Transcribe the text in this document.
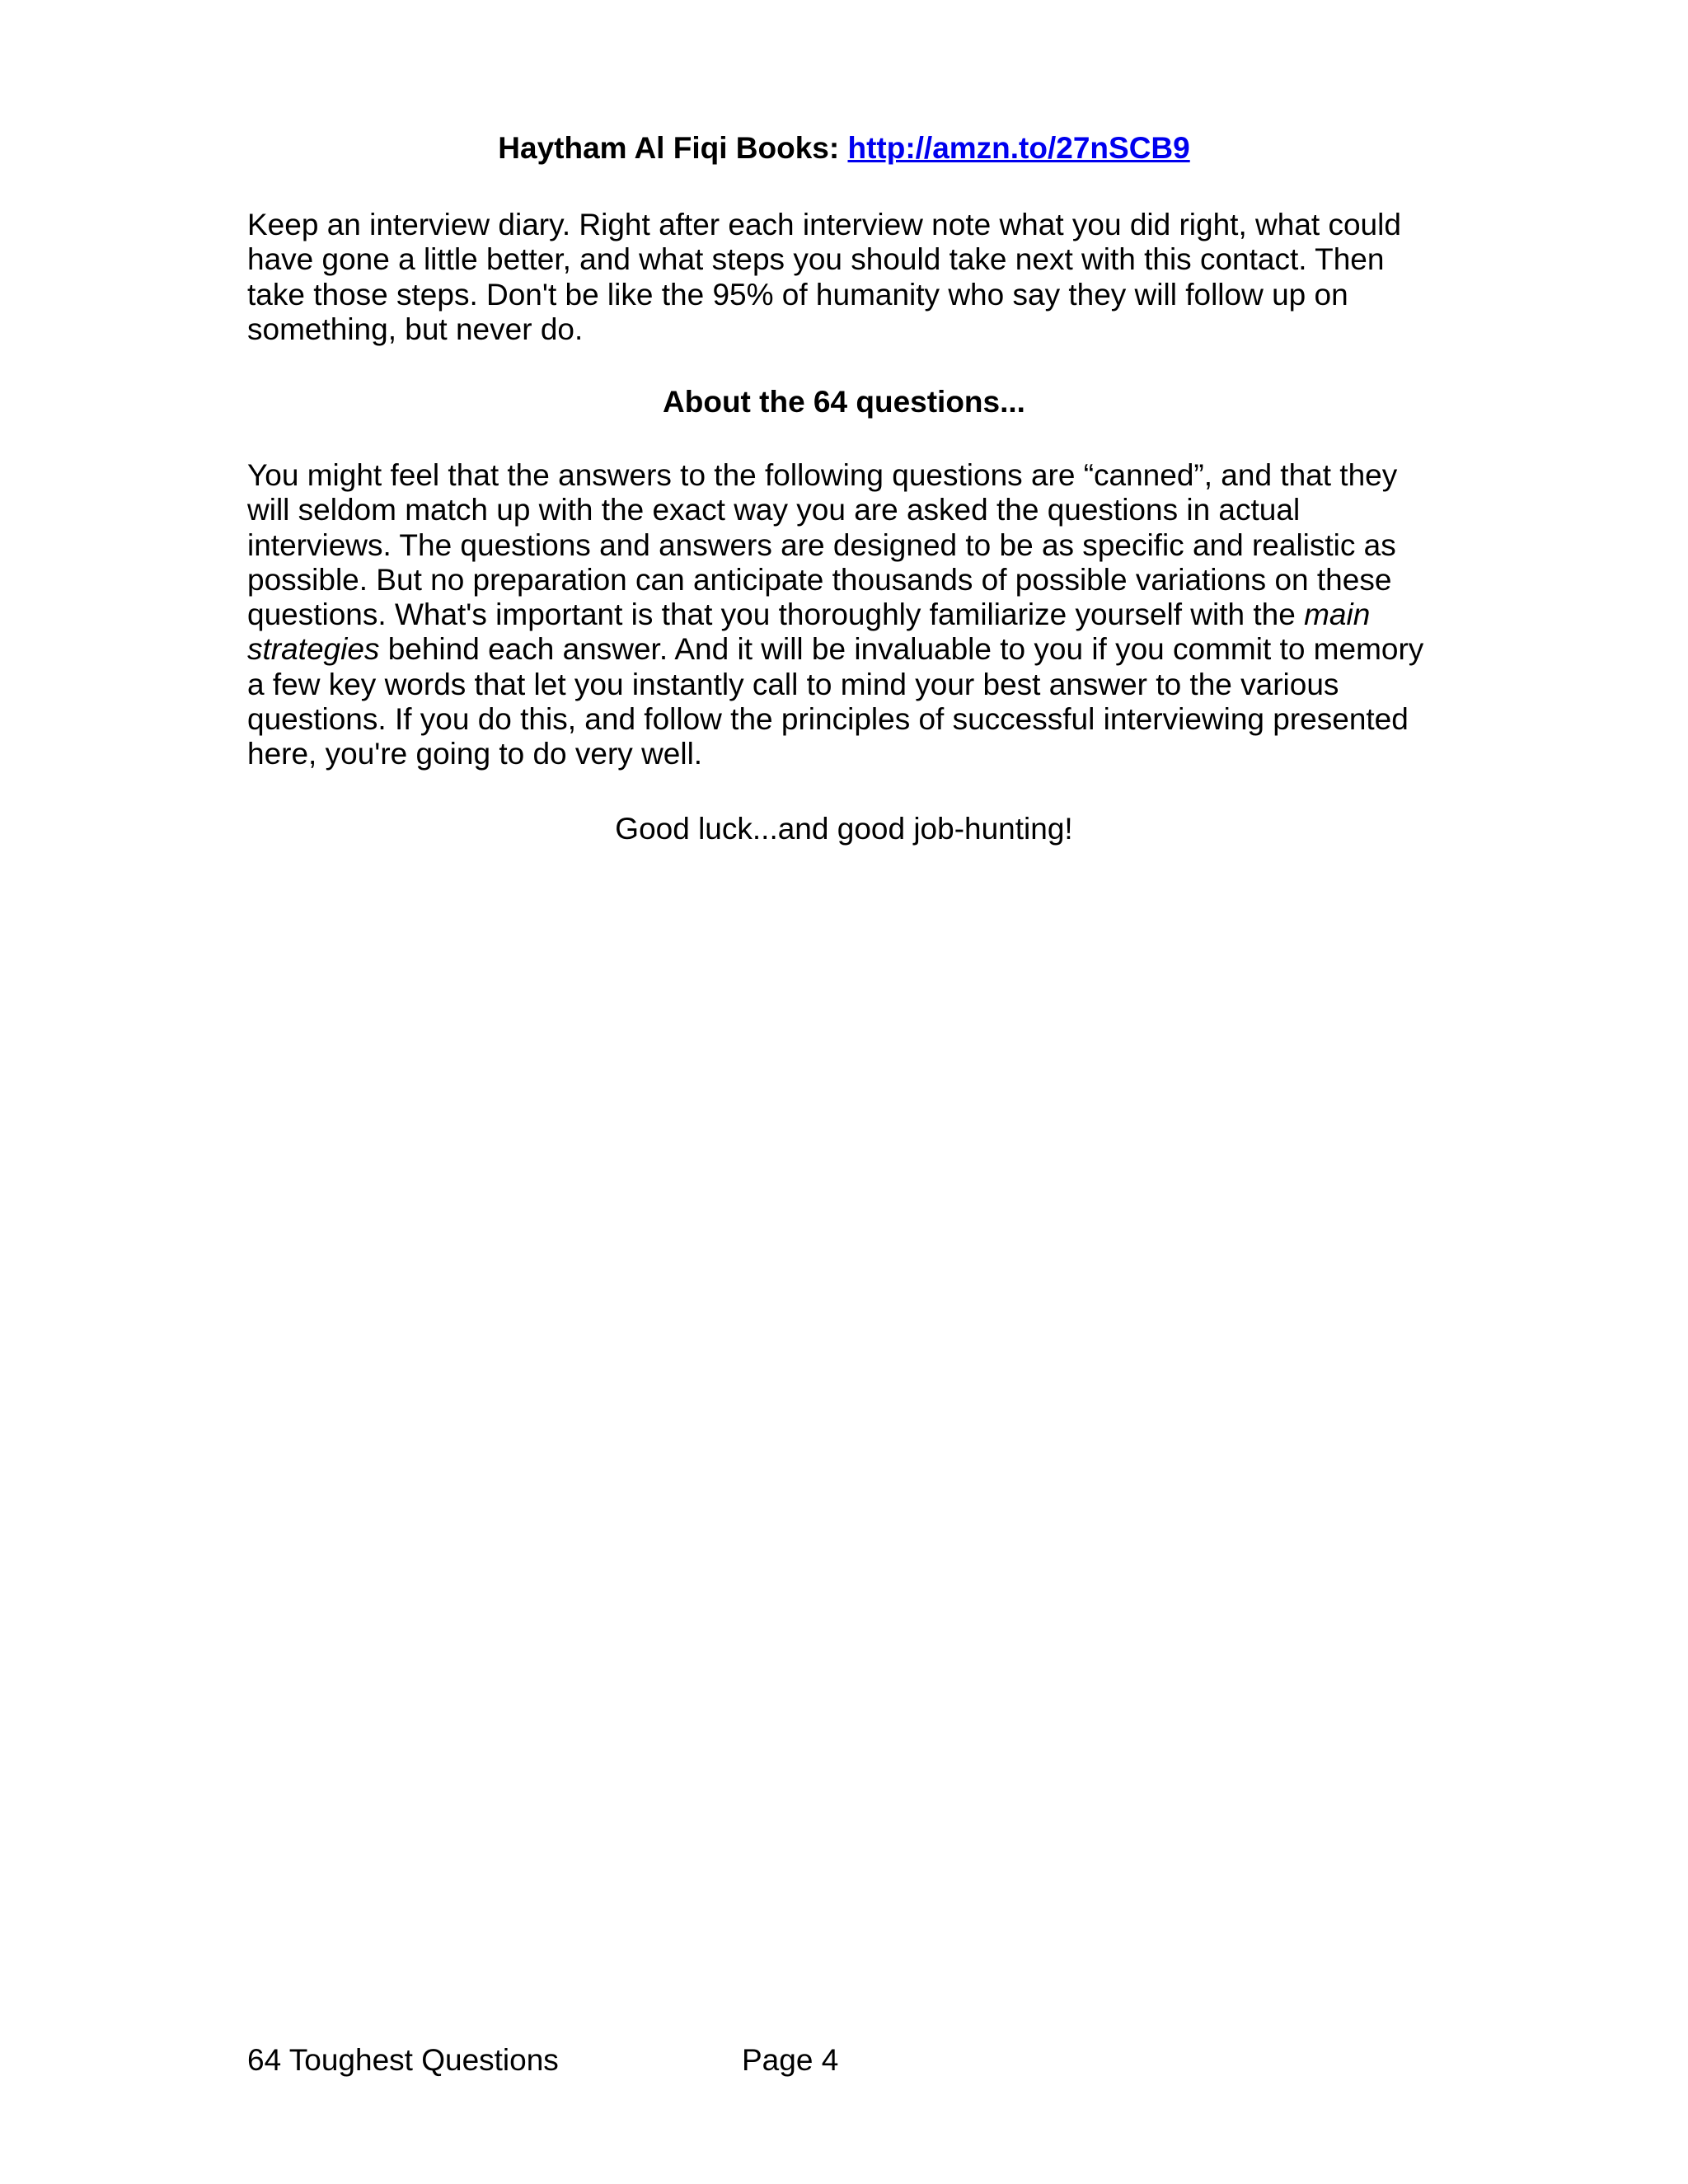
Haytham Al Fiqi Books: http://amzn.to/27nSCB9

Keep an interview diary. Right after each interview note what you did right, what could have gone a little better, and what steps you should take next with this contact. Then take those steps. Don't be like the 95% of humanity who say they will follow up on something, but never do.

About the 64 questions...

You might feel that the answers to the following questions are “canned”, and that they will seldom match up with the exact way you are asked the questions in actual interviews. The questions and answers are designed to be as specific and realistic as possible. But no preparation can anticipate thousands of possible variations on these questions. What's important is that you thoroughly familiarize yourself with the main strategies behind each answer. And it will be invaluable to you if you commit to memory a few key words that let you instantly call to mind your best answer to the various questions. If you do this, and follow the principles of successful interviewing presented here, you're going to do very well.

Good luck...and good job-hunting!
64 Toughest Questions	Page 4
